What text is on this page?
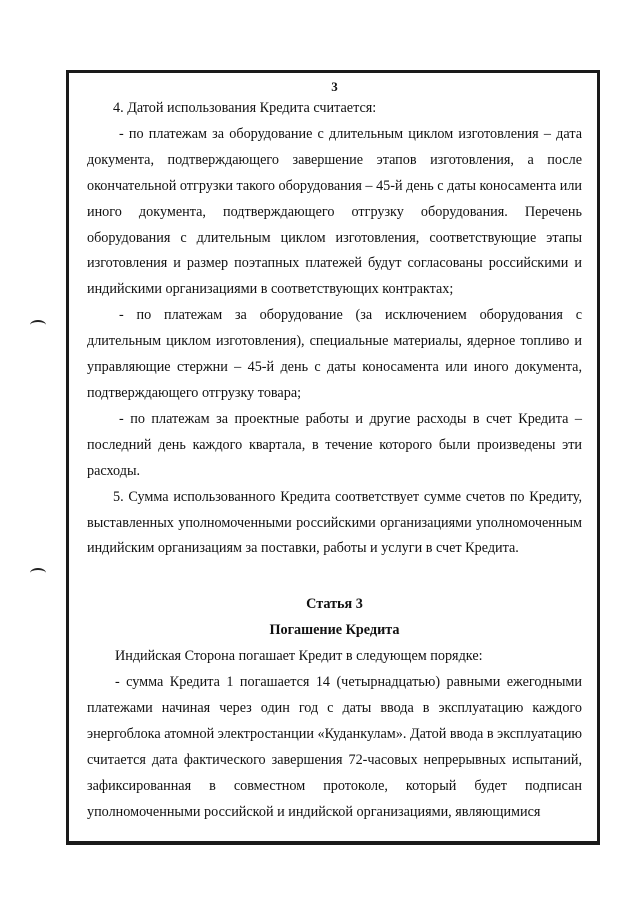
3

4. Датой использования Кредита считается:

- по платежам за оборудование с длительным циклом изготовления – дата документа, подтверждающего завершение этапов изготовления, а после окончательной отгрузки такого оборудования – 45-й день с даты коносамента или иного документа, подтверждающего отгрузку оборудования. Перечень оборудования с длительным циклом изготовления, соответствующие этапы изготовления и размер поэтапных платежей будут согласованы российскими и индийскими организациями в соответствующих контрактах;

- по платежам за оборудование (за исключением оборудования с длительным циклом изготовления), специальные материалы, ядерное топливо и управляющие стержни – 45-й день с даты коносамента или иного документа, подтверждающего отгрузку товара;

- по платежам за проектные работы и другие расходы в счет Кредита – последний день каждого квартала, в течение которого были произведены эти расходы.

5. Сумма использованного Кредита соответствует сумме счетов по Кредиту, выставленных уполномоченными российскими организациями уполномоченным индийским организациям за поставки, работы и услуги в счет Кредита.

Статья 3
Погашение Кредита

Индийская Сторона погашает Кредит в следующем порядке:

- сумма Кредита 1 погашается 14 (четырнадцатью) равными ежегодными платежами начиная через один год с даты ввода в эксплуатацию каждого энергоблока атомной электростанции «Куданкулам». Датой ввода в эксплуатацию считается дата фактического завершения 72-часовых непрерывных испытаний, зафиксированная в совместном протоколе, который будет подписан уполномоченными российской и индийской организациями, являющимися
